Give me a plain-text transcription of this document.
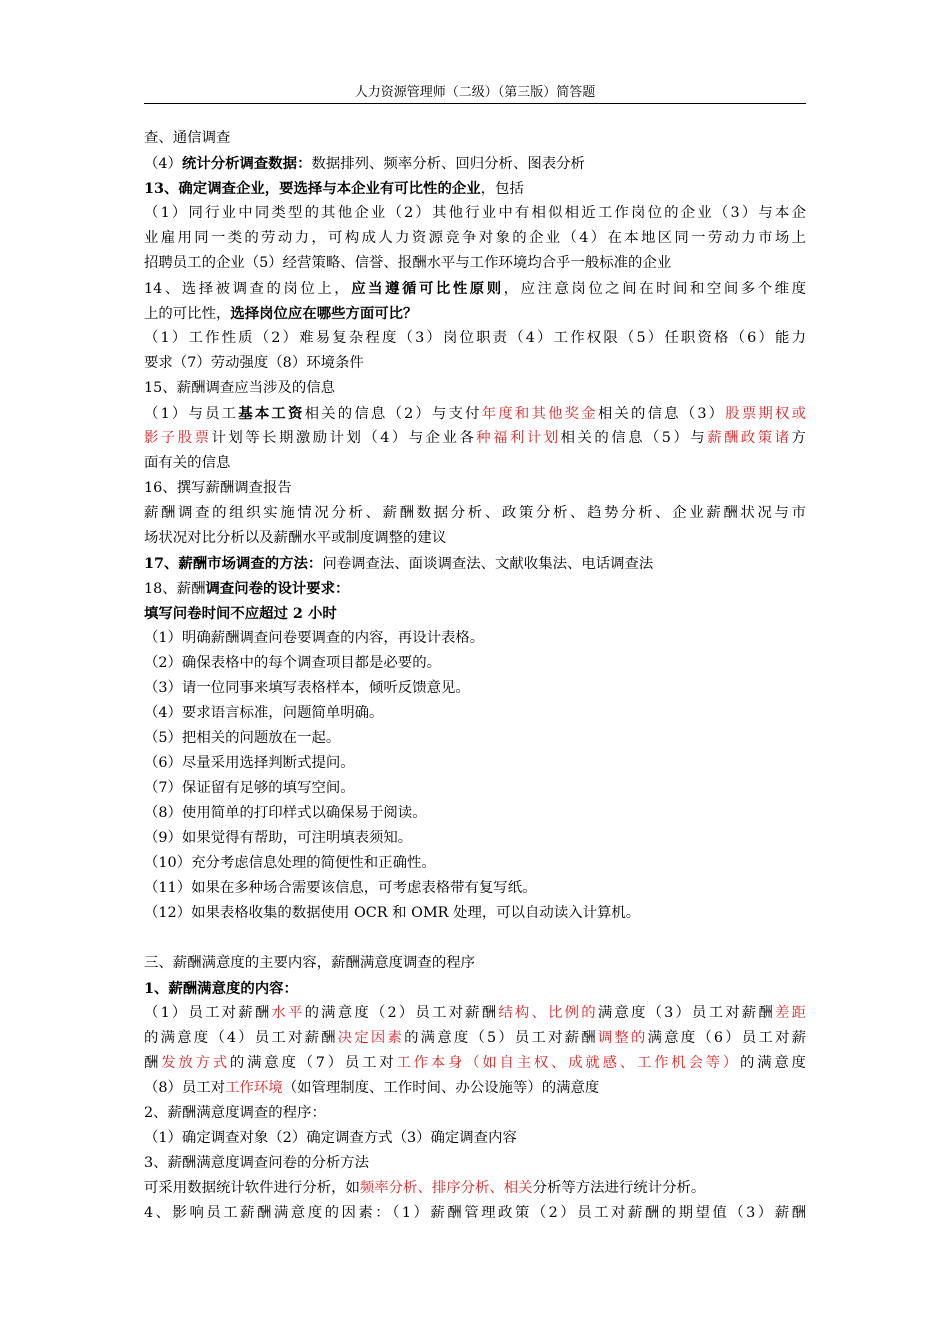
人力资源管理师（二级）（第三版）简答题
查、通信调查
（4）统计分析调查数据：数据排列、频率分析、回归分析、图表分析
13、确定调查企业，要选择与本企业有可比性的企业，包括
（1）同行业中同类型的其他企业（2）其他行业中有相似相近工作岗位的企业（3）与本企
业雇用同一类的劳动力，可构成人力资源竞争对象的企业（4）在本地区同一劳动力市场上
招聘员工的企业（5）经营策略、信誉、报酬水平与工作环境均合乎一般标准的企业
14、选择被调查的岗位上，应当遵循可比性原则，应注意岗位之间在时间和空间多个维度
上的可比性，选择岗位应在哪些方面可比？
（1）工作性质（2）难易复杂程度（3）岗位职责（4）工作权限（5）任职资格（6）能力
要求（7）劳动强度（8）环境条件
15、薪酬调查应当涉及的信息
（1）与员工基本工资相关的信息（2）与支付年度和其他奖金相关的信息（3）股票期权或
影子股票计划等长期激励计划（4）与企业各种福利计划相关的信息（5）与薪酬政策诸方
面有关的信息
16、撰写薪酬调查报告
薪酬调查的组织实施情况分析、薪酬数据分析、政策分析、趋势分析、企业薪酬状况与市
场状况对比分析以及薪酬水平或制度调整的建议
17、薪酬市场调查的方法：问卷调查法、面谈调查法、文献收集法、电话调查法
18、薪酬调查问卷的设计要求：
填写问卷时间不应超过 2 小时
（1）明确薪酬调查问卷要调查的内容，再设计表格。
（2）确保表格中的每个调查项目都是必要的。
（3）请一位同事来填写表格样本，倾听反馈意见。
（4）要求语言标准，问题简单明确。
（5）把相关的问题放在一起。
（6）尽量采用选择判断式提问。
（7）保证留有足够的填写空间。
（8）使用简单的打印样式以确保易于阅读。
（9）如果觉得有帮助，可注明填表须知。
（10）充分考虑信息处理的简便性和正确性。
（11）如果在多种场合需要该信息，可考虑表格带有复写纸。
（12）如果表格收集的数据使用 OCR 和 OMR 处理，可以自动读入计算机。
三、薪酬满意度的主要内容，薪酬满意度调查的程序
1、薪酬满意度的内容：
（1）员工对薪酬水平的满意度（2）员工对薪酬结构、比例的满意度（3）员工对薪酬差距
的满意度（4）员工对薪酬决定因素的满意度（5）员工对薪酬调整的满意度（6）员工对薪
酬发放方式的满意度（7）员工对工作本身（如自主权、成就感、工作机会等）的满意度
（8）员工对工作环境（如管理制度、工作时间、办公设施等）的满意度
2、薪酬满意度调查的程序：
（1）确定调查对象（2）确定调查方式（3）确定调查内容
3、薪酬满意度调查问卷的分析方法
可采用数据统计软件进行分析，如频率分析、排序分析、相关分析等方法进行统计分析。
4、影响员工薪酬满意度的因素：（1）薪酬管理政策（2）员工对薪酬的期望值（3）薪酬
